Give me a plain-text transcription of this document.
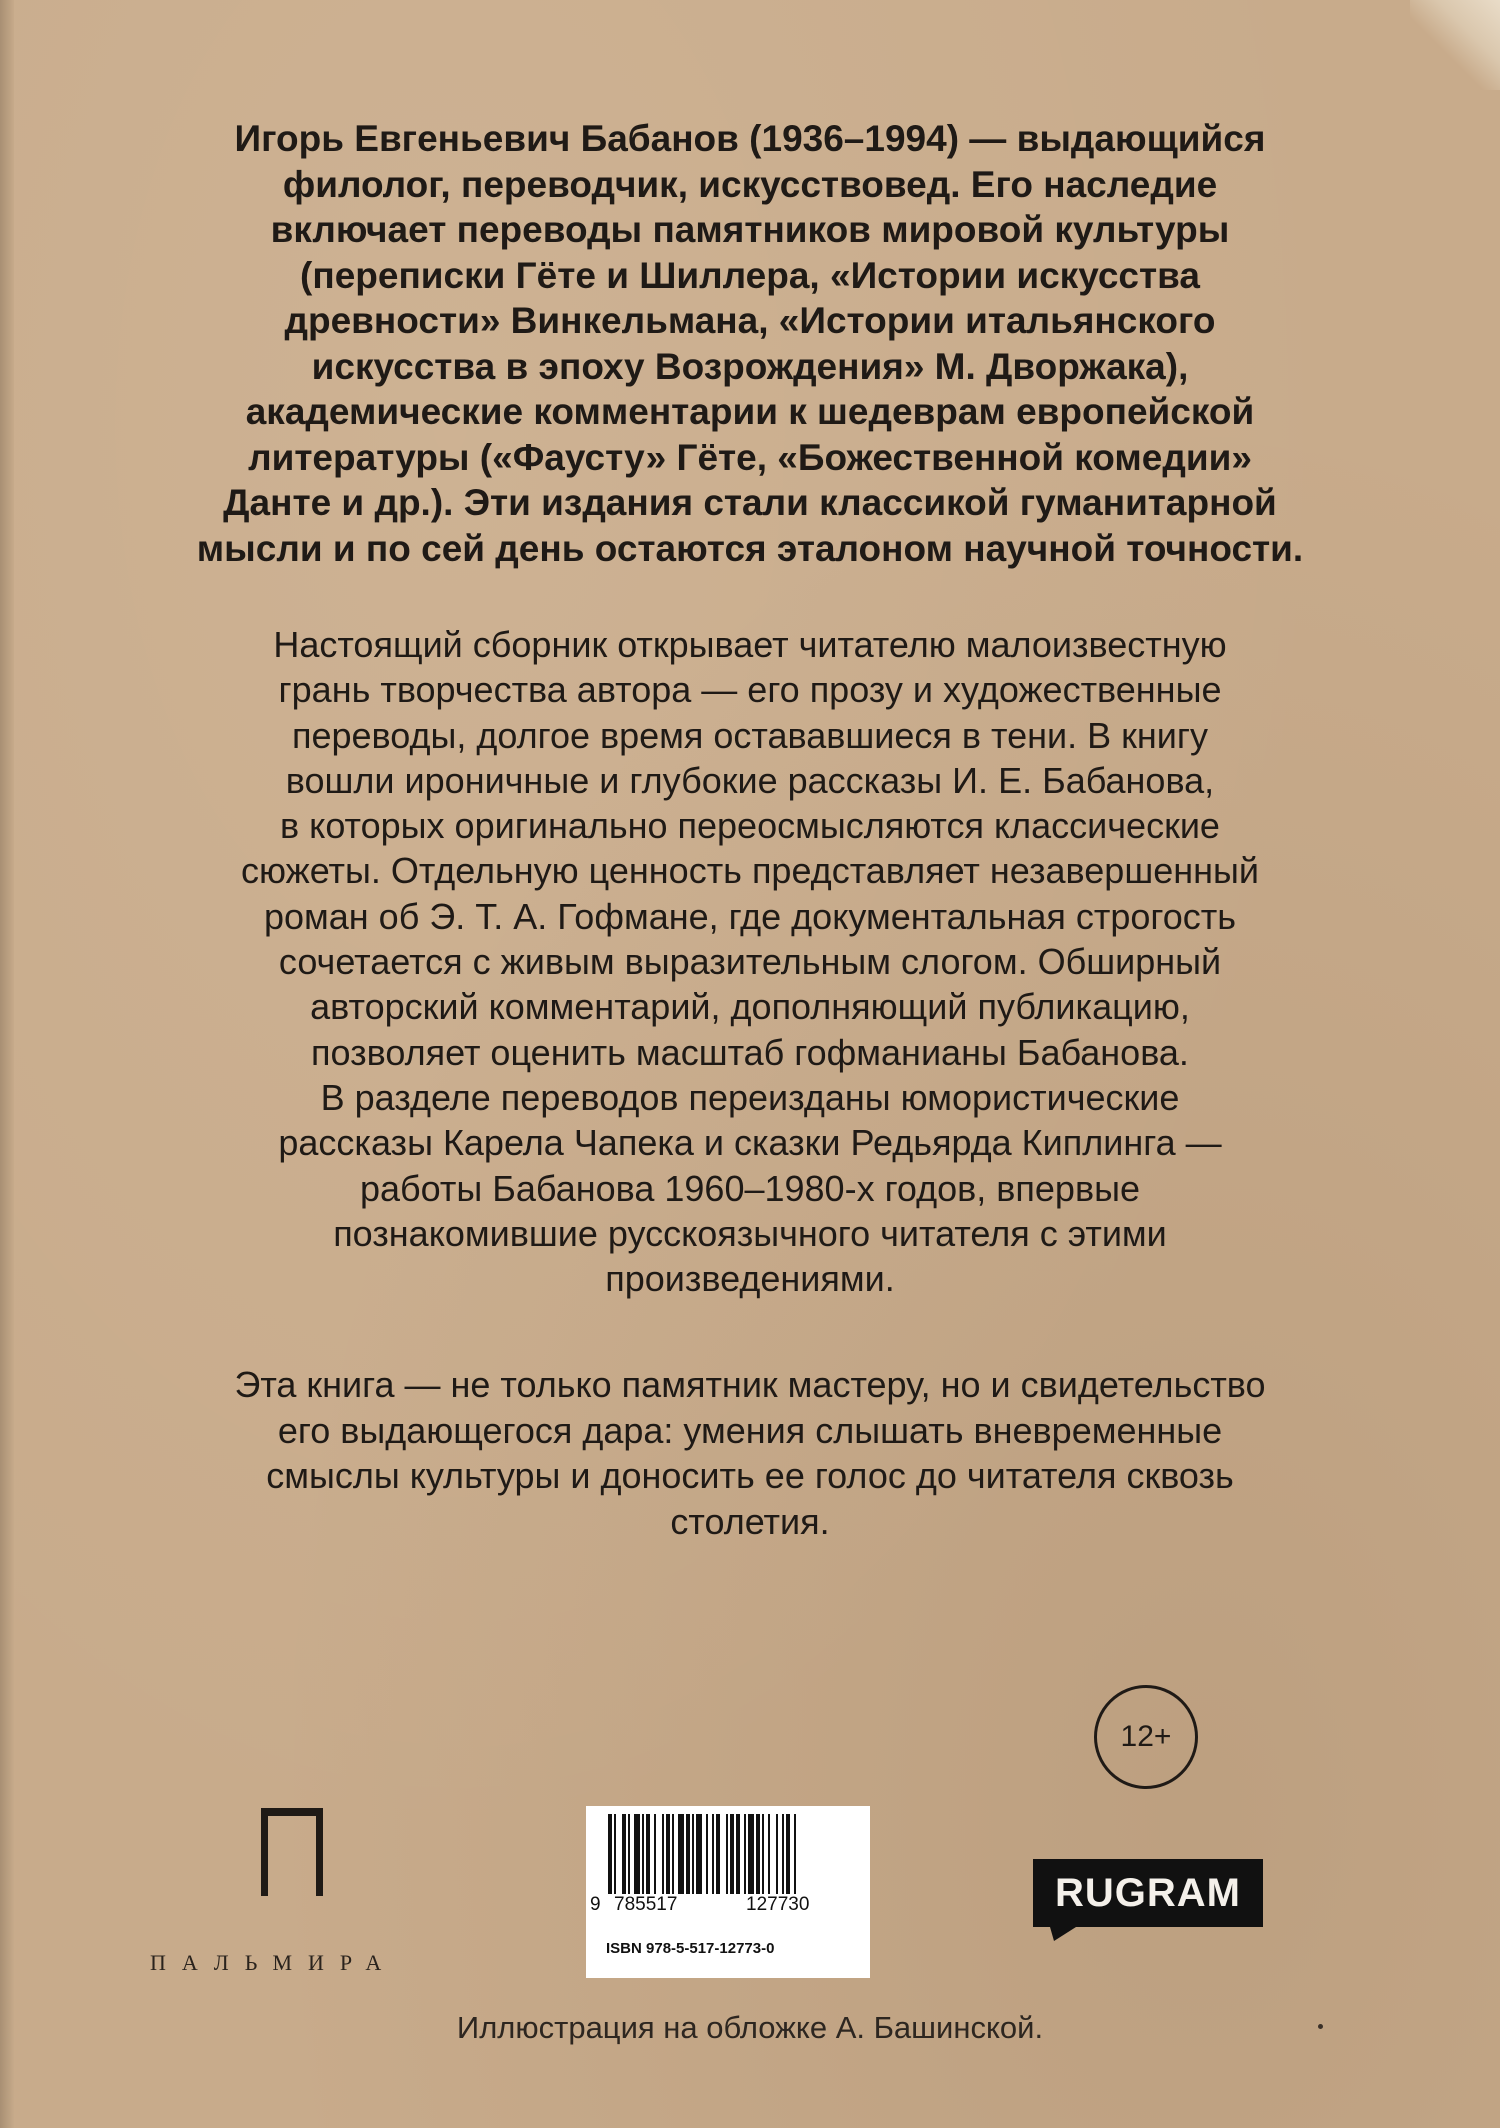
Игорь Евгеньевич Бабанов (1936–1994) — выдающийся
филолог, переводчик, искусствовед. Его наследие
включает переводы памятников мировой культуры
(переписки Гёте и Шиллера, «Истории искусства
древности» Винкельмана, «Истории итальянского
искусства в эпоху Возрождения» М. Дворжака),
академические комментарии к шедеврам европейской
литературы («Фаусту» Гёте, «Божественной комедии»
Данте и др.). Эти издания стали классикой гуманитарной
мысли и по сей день остаются эталоном научной точности.
Настоящий сборник открывает читателю малоизвестную
грань творчества автора — его прозу и художественные
переводы, долгое время остававшиеся в тени. В книгу
вошли ироничные и глубокие рассказы И. Е. Бабанова,
в которых оригинально переосмысляются классические
сюжеты. Отдельную ценность представляет незавершенный
роман об Э. Т. А. Гофмане, где документальная строгость
сочетается с живым выразительным слогом. Обширный
авторский комментарий, дополняющий публикацию,
позволяет оценить масштаб гофманианы Бабанова.
В разделе переводов переизданы юмористические
рассказы Карела Чапека и сказки Редьярда Киплинга —
работы Бабанова 1960–1980-х годов, впервые
познакомившие русскоязычного читателя с этими
произведениями.
Эта книга — не только памятник мастеру, но и свидетельство
его выдающегося дара: умения слышать вневременные
смыслы культуры и доносить ее голос до читателя сквозь
столетия.
12+
ПАЛЬМИРА
9 785517	127730
ISBN 978-5-517-12773-0
RUGRAM
Иллюстрация на обложке А. Башинской.
